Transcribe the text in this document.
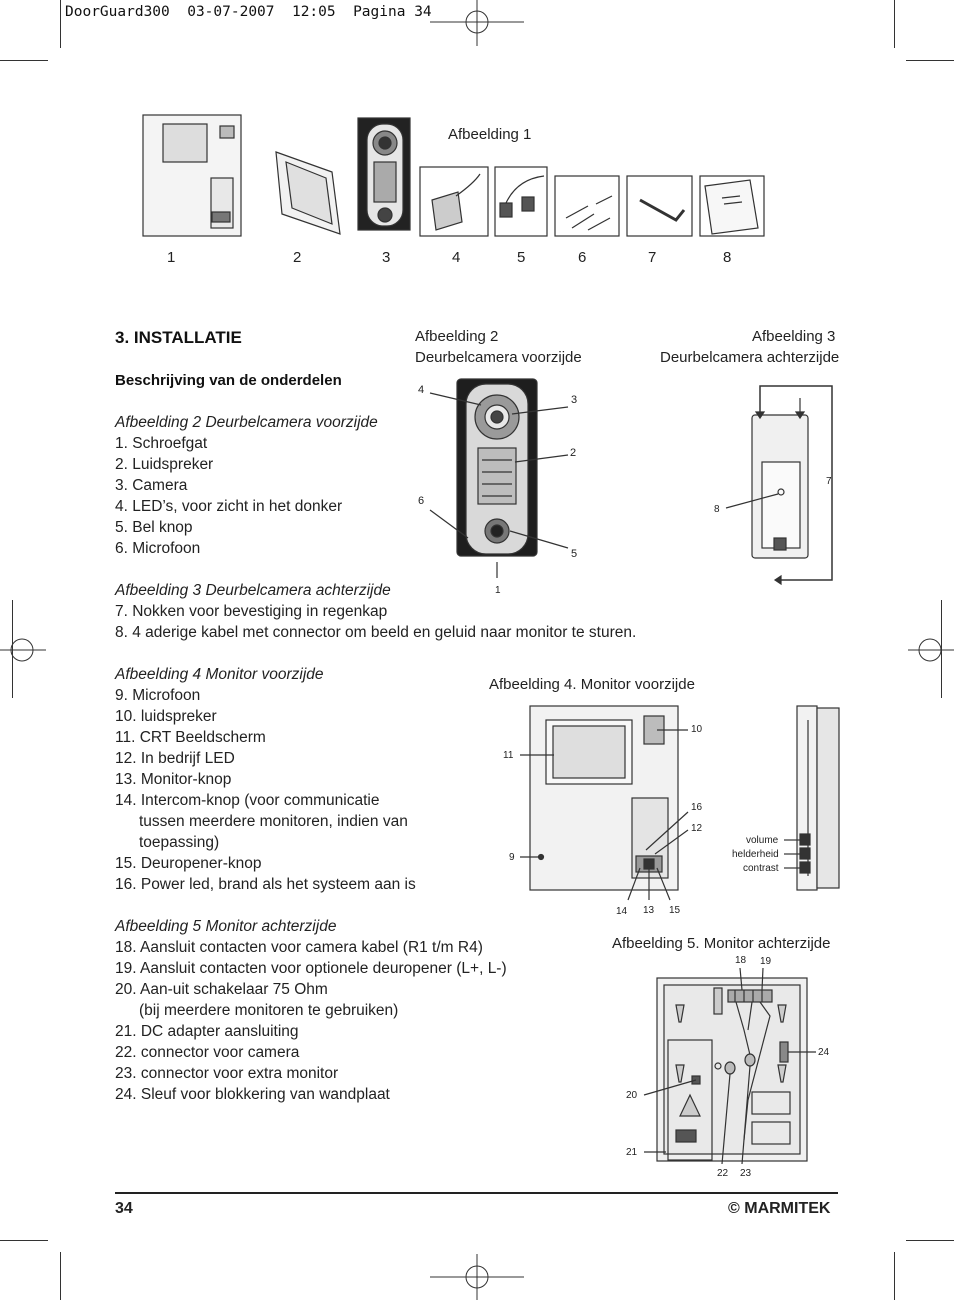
DoorGuard300  03-07-2007  12:05  Pagina 34
Afbeelding 1
1	2	3	4	5	6	7	8
3. INSTALLATIE
Beschrijving van de onderdelen
Afbeelding 2
Deurbelcamera voorzijde
4
3
2
6
5
1
Afbeelding 3
Deurbelcamera achterzijde
7
8
Afbeelding 4. Monitor voorzijde
10
11
16
12
9
14 13 15
volume
helderheid
contrast
Afbeelding 5. Monitor achterzijde
18 19
24
20
21
22 23
Afbeelding 2 Deurbelcamera voorzijde
1. Schroefgat
2. Luidspreker
3. Camera
4. LED’s, voor zicht in het donker
5. Bel knop
6. Microfoon
Afbeelding 3 Deurbelcamera achterzijde
7. Nokken voor bevestiging in regenkap
8. 4 aderige kabel met connector om beeld en geluid naar monitor te sturen.
Afbeelding 4 Monitor voorzijde
9. Microfoon
10. luidspreker
11. CRT Beeldscherm
12. In bedrijf LED
13. Monitor-knop
14. Intercom-knop (voor communicatie
tussen meerdere monitoren, indien van
toepassing)
15. Deuropener-knop
16. Power led, brand als het systeem aan is
Afbeelding 5 Monitor achterzijde
18. Aansluit contacten voor camera kabel (R1 t/m R4)
19. Aansluit contacten voor optionele deuropener (L+, L-)
20. Aan-uit schakelaar 75 Ohm
(bij meerdere monitoren te gebruiken)
21. DC adapter aansluiting
22. connector voor camera
23. connector voor extra monitor
24. Sleuf voor blokkering van wandplaat
34	© MARMITEK
